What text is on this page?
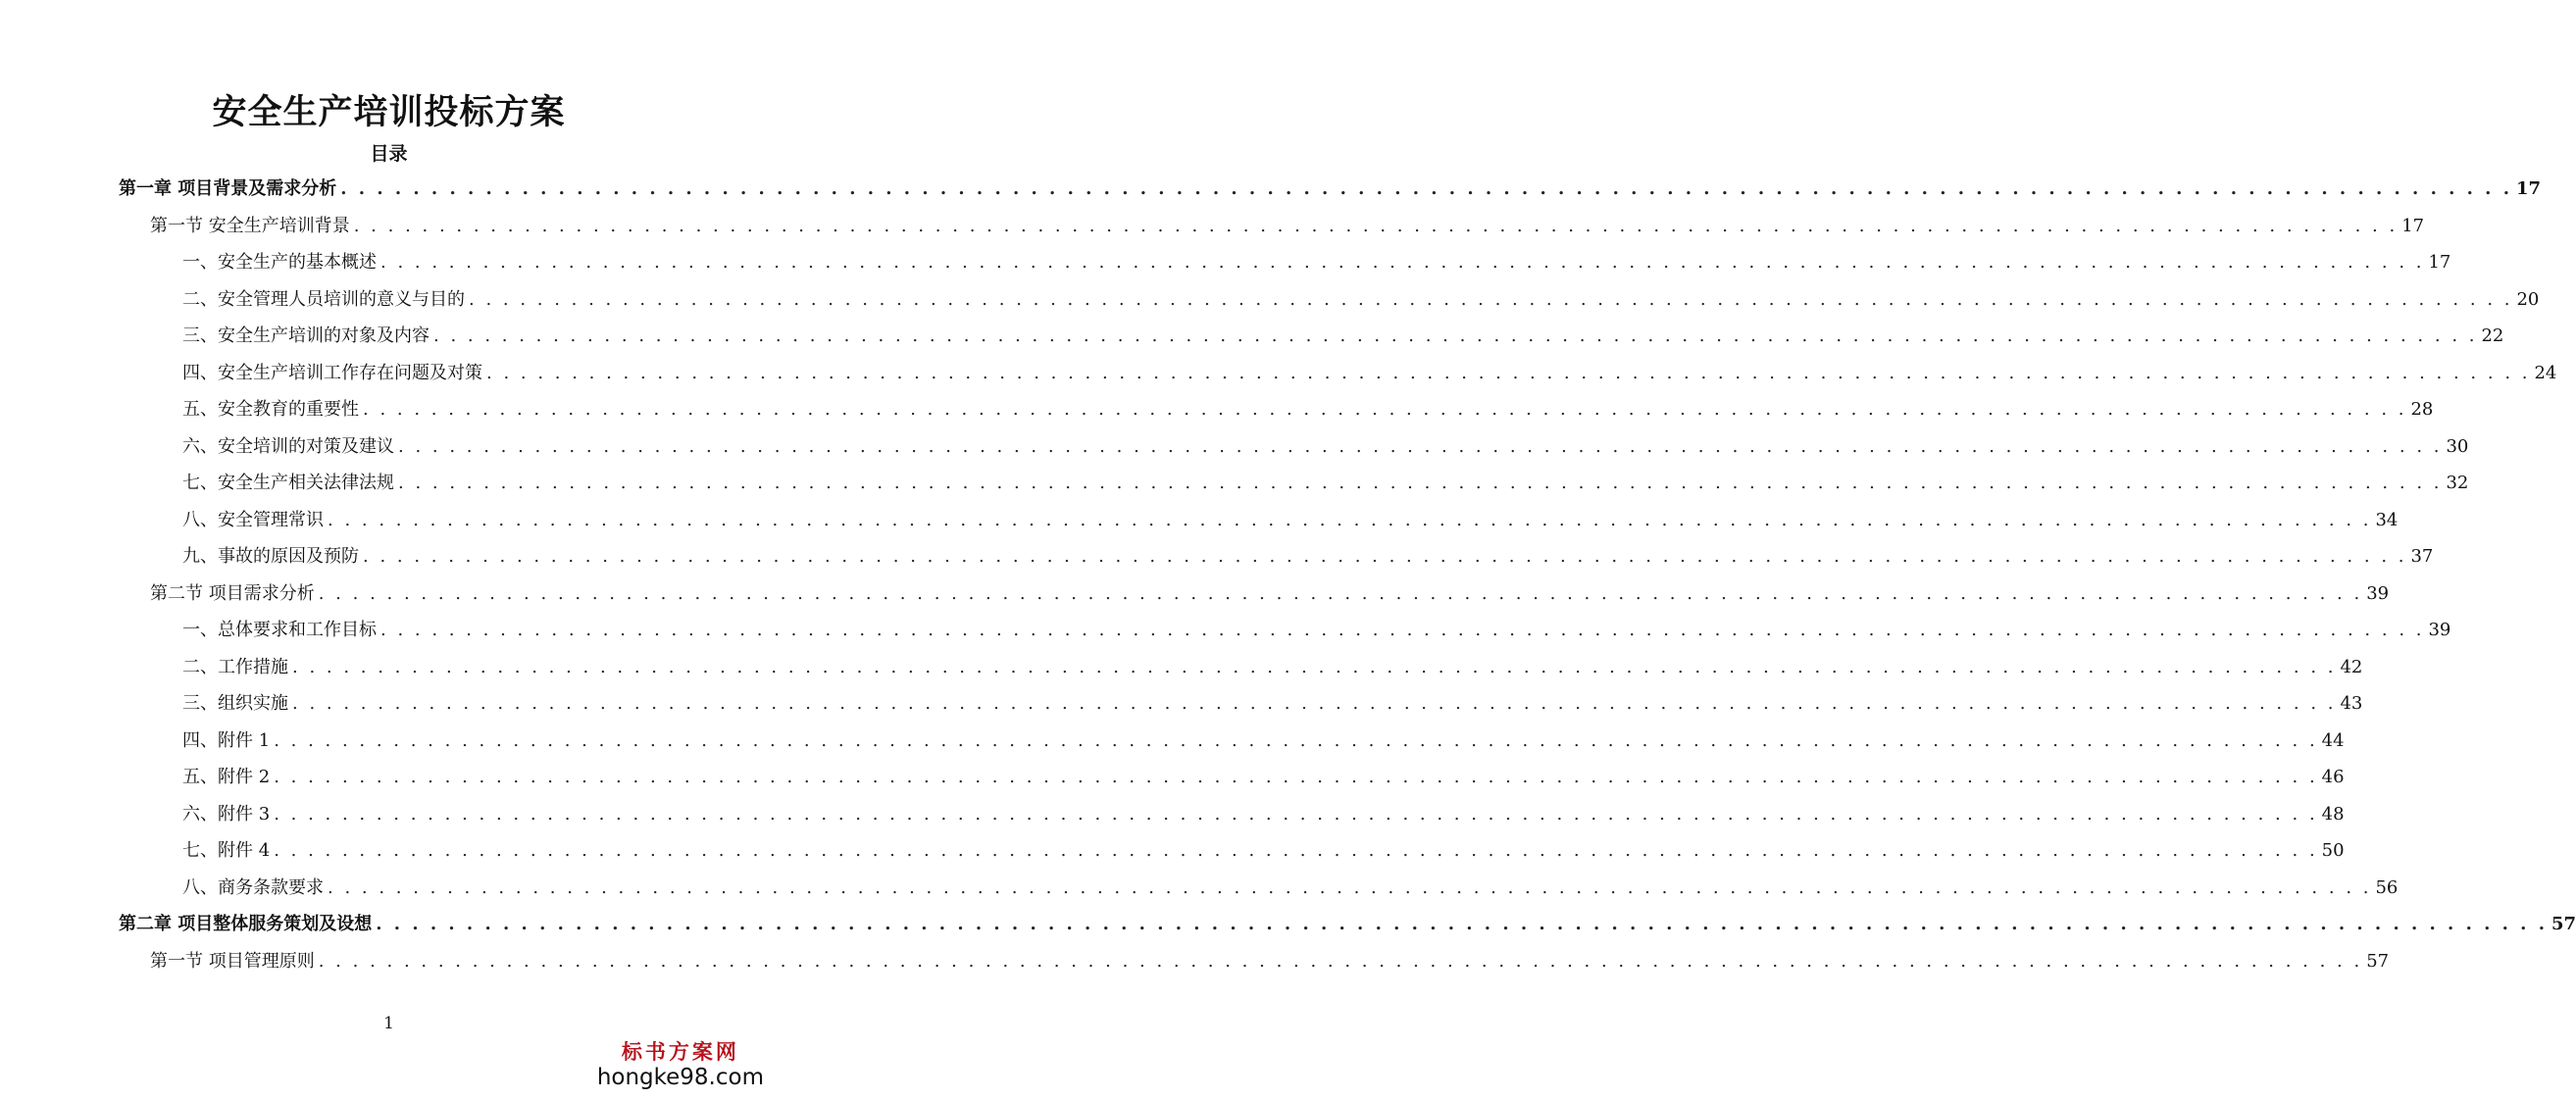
安全生产培训投标方案
目录
第一章 项目背景及需求分析 . . . . . . . . . . . . . . . . . . . . . . . . . . . . . . . . . . . . . . . . . . . . . . . . . . . . . . . . . . . . . . . . . . . . . . . . . . . . . . . . . . . . . . . . . . . . . . . . . . . . . . . . . . . . . . . . . . . . . . . . 17
第一节 安全生产培训背景 . . . . . . . . . . . . . . . . . . . . . . . . . . . . . . . . . . . . . . . . . . . . . . . . . . . . . . . . . . . . . . . . . . . . . . . . . . . . . . . . . . . . . . . . . . . . . . . . . . . . . . . . . . . . . . . . . . . . . . . . 17
一、安全生产的基本概述 . . . . . . . . . . . . . . . . . . . . . . . . . . . . . . . . . . . . . . . . . . . . . . . . . . . . . . . . . . . . . . . . . . . . . . . . . . . . . . . . . . . . . . . . . . . . . . . . . . . . . . . . . . . . . . . . . . . . . . . . 17
二、安全管理人员培训的意义与目的 . . . . . . . . . . . . . . . . . . . . . . . . . . . . . . . . . . . . . . . . . . . . . . . . . . . . . . . . . . . . . . . . . . . . . . . . . . . . . . . . . . . . . . . . . . . . . . . . . . . . . . . . . . . . . . . . . . . . . . . . 20
三、安全生产培训的对象及内容 . . . . . . . . . . . . . . . . . . . . . . . . . . . . . . . . . . . . . . . . . . . . . . . . . . . . . . . . . . . . . . . . . . . . . . . . . . . . . . . . . . . . . . . . . . . . . . . . . . . . . . . . . . . . . . . . . . . . . . . . 22
四、安全生产培训工作存在问题及对策 . . . . . . . . . . . . . . . . . . . . . . . . . . . . . . . . . . . . . . . . . . . . . . . . . . . . . . . . . . . . . . . . . . . . . . . . . . . . . . . . . . . . . . . . . . . . . . . . . . . . . . . . . . . . . . . . . . . . . . . . 24
五、安全教育的重要性 . . . . . . . . . . . . . . . . . . . . . . . . . . . . . . . . . . . . . . . . . . . . . . . . . . . . . . . . . . . . . . . . . . . . . . . . . . . . . . . . . . . . . . . . . . . . . . . . . . . . . . . . . . . . . . . . . . . . . . . . 28
六、安全培训的对策及建议 . . . . . . . . . . . . . . . . . . . . . . . . . . . . . . . . . . . . . . . . . . . . . . . . . . . . . . . . . . . . . . . . . . . . . . . . . . . . . . . . . . . . . . . . . . . . . . . . . . . . . . . . . . . . . . . . . . . . . . . . 30
七、安全生产相关法律法规 . . . . . . . . . . . . . . . . . . . . . . . . . . . . . . . . . . . . . . . . . . . . . . . . . . . . . . . . . . . . . . . . . . . . . . . . . . . . . . . . . . . . . . . . . . . . . . . . . . . . . . . . . . . . . . . . . . . . . . . . 32
八、安全管理常识 . . . . . . . . . . . . . . . . . . . . . . . . . . . . . . . . . . . . . . . . . . . . . . . . . . . . . . . . . . . . . . . . . . . . . . . . . . . . . . . . . . . . . . . . . . . . . . . . . . . . . . . . . . . . . . . . . . . . . . . . 34
九、事故的原因及预防 . . . . . . . . . . . . . . . . . . . . . . . . . . . . . . . . . . . . . . . . . . . . . . . . . . . . . . . . . . . . . . . . . . . . . . . . . . . . . . . . . . . . . . . . . . . . . . . . . . . . . . . . . . . . . . . . . . . . . . . . 37
第二节 项目需求分析 . . . . . . . . . . . . . . . . . . . . . . . . . . . . . . . . . . . . . . . . . . . . . . . . . . . . . . . . . . . . . . . . . . . . . . . . . . . . . . . . . . . . . . . . . . . . . . . . . . . . . . . . . . . . . . . . . . . . . . . . 39
一、总体要求和工作目标 . . . . . . . . . . . . . . . . . . . . . . . . . . . . . . . . . . . . . . . . . . . . . . . . . . . . . . . . . . . . . . . . . . . . . . . . . . . . . . . . . . . . . . . . . . . . . . . . . . . . . . . . . . . . . . . . . . . . . . . . 39
二、工作措施 . . . . . . . . . . . . . . . . . . . . . . . . . . . . . . . . . . . . . . . . . . . . . . . . . . . . . . . . . . . . . . . . . . . . . . . . . . . . . . . . . . . . . . . . . . . . . . . . . . . . . . . . . . . . . . . . . . . . . . . . 42
三、组织实施 . . . . . . . . . . . . . . . . . . . . . . . . . . . . . . . . . . . . . . . . . . . . . . . . . . . . . . . . . . . . . . . . . . . . . . . . . . . . . . . . . . . . . . . . . . . . . . . . . . . . . . . . . . . . . . . . . . . . . . . . 43
四、附件 1 . . . . . . . . . . . . . . . . . . . . . . . . . . . . . . . . . . . . . . . . . . . . . . . . . . . . . . . . . . . . . . . . . . . . . . . . . . . . . . . . . . . . . . . . . . . . . . . . . . . . . . . . . . . . . . . . . . . . . . . . 44
五、附件 2 . . . . . . . . . . . . . . . . . . . . . . . . . . . . . . . . . . . . . . . . . . . . . . . . . . . . . . . . . . . . . . . . . . . . . . . . . . . . . . . . . . . . . . . . . . . . . . . . . . . . . . . . . . . . . . . . . . . . . . . . 46
六、附件 3 . . . . . . . . . . . . . . . . . . . . . . . . . . . . . . . . . . . . . . . . . . . . . . . . . . . . . . . . . . . . . . . . . . . . . . . . . . . . . . . . . . . . . . . . . . . . . . . . . . . . . . . . . . . . . . . . . . . . . . . . 48
七、附件 4 . . . . . . . . . . . . . . . . . . . . . . . . . . . . . . . . . . . . . . . . . . . . . . . . . . . . . . . . . . . . . . . . . . . . . . . . . . . . . . . . . . . . . . . . . . . . . . . . . . . . . . . . . . . . . . . . . . . . . . . . 50
八、商务条款要求 . . . . . . . . . . . . . . . . . . . . . . . . . . . . . . . . . . . . . . . . . . . . . . . . . . . . . . . . . . . . . . . . . . . . . . . . . . . . . . . . . . . . . . . . . . . . . . . . . . . . . . . . . . . . . . . . . . . . . . . . 56
第二章 项目整体服务策划及设想 . . . . . . . . . . . . . . . . . . . . . . . . . . . . . . . . . . . . . . . . . . . . . . . . . . . . . . . . . . . . . . . . . . . . . . . . . . . . . . . . . . . . . . . . . . . . . . . . . . . . . . . . . . . . . . . . . . . . . . . . 57
第一节 项目管理原则 . . . . . . . . . . . . . . . . . . . . . . . . . . . . . . . . . . . . . . . . . . . . . . . . . . . . . . . . . . . . . . . . . . . . . . . . . . . . . . . . . . . . . . . . . . . . . . . . . . . . . . . . . . . . . . . . . . . . . . . . 57
1
标书方案网
hongke98.com
